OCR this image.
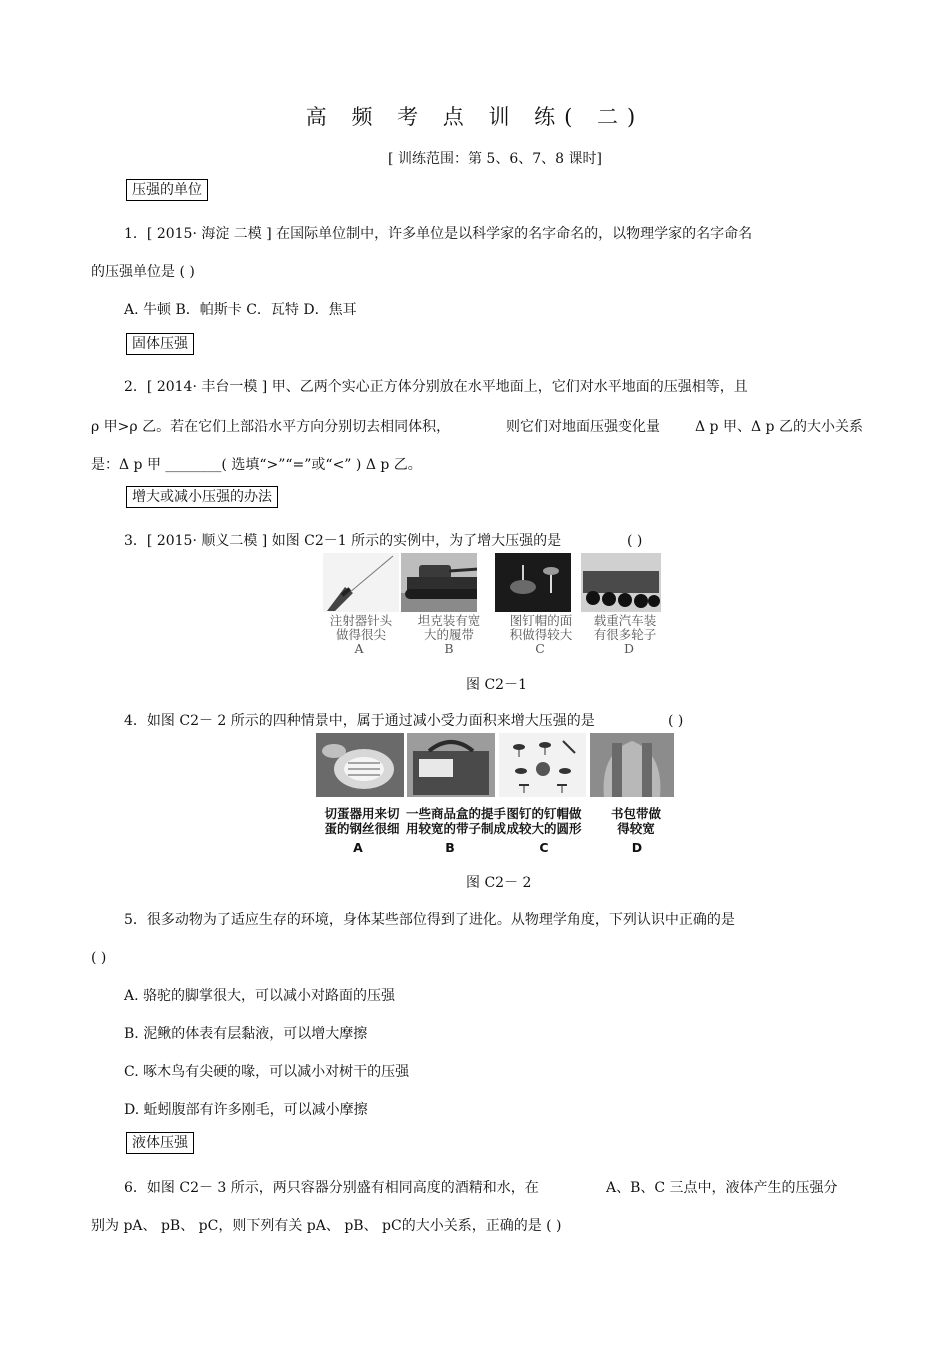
高 频 考 点 训 练( 二)
[ 训练范围：第 5、6、7、8 课时]
压强的单位
1．[ 2015· 海淀 二模 ] 在国际单位制中，许多单位是以科学家的名字命名的，以物理学家的名字命名
的压强单位是 ( )
A. 牛顿 B．帕斯卡 C．瓦特 D．焦耳
固体压强
2．[ 2014· 丰台一模 ] 甲、乙两个实心正方体分别放在水平地面上，它们对水平地面的压强相等，且
ρ 甲>ρ 乙。若在它们上部沿水平方向分别切去相同体积，	则它们对地面压强变化量	Δ p 甲、Δ p 乙的大小关系
是：Δ p 甲 ________( 选填“>”“=”或“<” ) Δ p 乙。
增大或减小压强的办法
3．[ 2015· 顺义二模 ] 如图 C2－1 所示的实例中，为了增大压强的是	( )
注射器针头
做得很尖
坦克装有宽
大的履带
图钉帽的面
积做得较大
载重汽车装
有很多轮子
A	B	C	D
图 C2－1
4．如图 C2－ 2 所示的四种情景中，属于通过减小受力面积来增大压强的是	( )
切蛋器用来切
蛋的钢丝很细
一些商品盒的提手
用较宽的带子制成
图钉的钉帽做
成较大的圆形
书包带做
得较宽
A	B	C	D
图 C2－ 2
5．很多动物为了适应生存的环境，身体某些部位得到了进化。从物理学角度，下列认识中正确的是
( )
A. 骆驼的脚掌很大，可以减小对路面的压强
B. 泥鳅的体表有层黏液，可以增大摩擦
C. 啄木鸟有尖硬的喙，可以减小对树干的压强
D. 蚯蚓腹部有许多刚毛，可以减小摩擦
液体压强
6．如图 C2－ 3 所示，两只容器分别盛有相同高度的酒精和水，在	A、B、C 三点中，液体产生的压强分
别为 pA、 pB、 pC，则下列有关 pA、 pB、 pC的大小关系，正确的是 ( )
